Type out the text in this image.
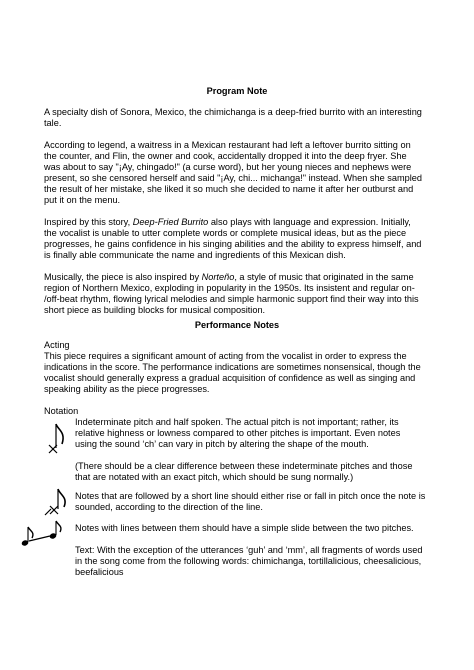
Program Note
A specialty dish of Sonora, Mexico, the chimichanga is a deep-fried burrito with an interesting
tale.
According to legend, a waitress in a Mexican restaurant had left a leftover burrito sitting on
the counter, and Flin, the owner and cook, accidentally dropped it into the deep fryer. She
was about to say "¡Ay, chingado!" (a curse word), but her young nieces and nephews were
present, so she censored herself and said "¡Ay, chi... michanga!" instead. When she sampled
the result of her mistake, she liked it so much she decided to name it after her outburst and
put it on the menu.
Inspired by this story, Deep-Fried Burrito also plays with language and expression. Initially,
the vocalist is unable to utter complete words or complete musical ideas, but as the piece
progresses, he gains confidence in his singing abilities and the ability to express himself, and
is finally able communicate the name and ingredients of this Mexican dish.
Musically, the piece is also inspired by Norteño, a style of music that originated in the same
region of Northern Mexico, exploding in popularity in the 1950s. Its insistent and regular on-
/off-beat rhythm, flowing lyrical melodies and simple harmonic support find their way into this
short piece as building blocks for musical composition.
Performance Notes
Acting
This piece requires a significant amount of acting from the vocalist in order to express the
indications in the score. The performance indications are sometimes nonsensical, though the
vocalist should generally express a gradual acquisition of confidence as well as singing and
speaking ability as the piece progresses.
Notation
Indeterminate pitch and half spoken. The actual pitch is not important; rather, its
relative highness or lowness compared to other pitches is important. Even notes
using the sound ‘ch’ can vary in pitch by altering the shape of the mouth.
(There should be a clear difference between these indeterminate pitches and those
that are notated with an exact pitch, which should be sung normally.)
Notes that are followed by a short line should either rise or fall in pitch once the note is
sounded, according to the direction of the line.
Notes with lines between them should have a simple slide between the two pitches.
Text: With the exception of the utterances ‘guh’ and ‘mm’, all fragments of words used
in the song come from the following words: chimichanga, tortillalicious, cheesalicious,
beefalicious
